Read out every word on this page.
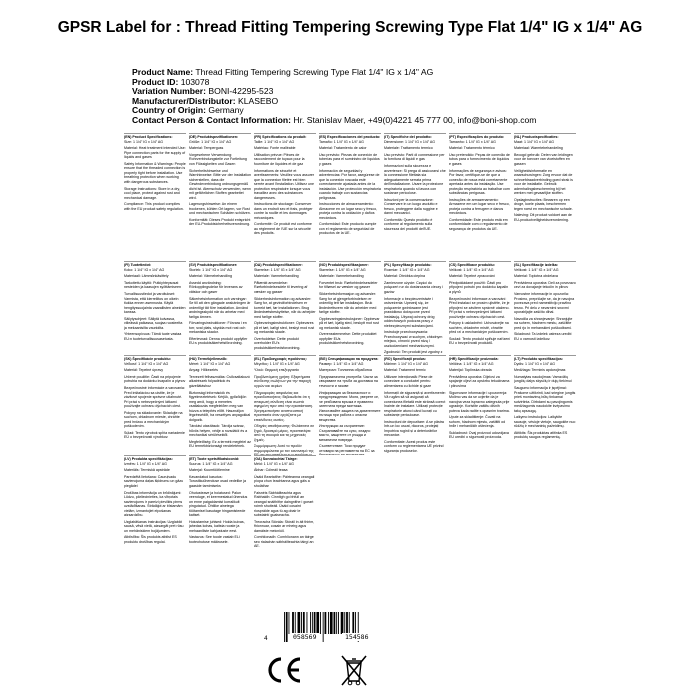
GPSR Label for : Thread Fitting Tempering Screwing Type Flat 1/4" IG x 1/4" AG
Product Name: Thread Fitting Tempering Screwing Type Flat 1/4" IG x 1/4" AG
Product ID: 103078
Variation Number: BONI-42295-523
Manufacturer/Distributor: KLASEBO
Country of Origin: Germany
Contact Person & Contact Information: Hr. Stanislav Maer, +49(0)4221 45 777 00, info@boni-shop.com
(EN) Product Specifications:

Size: 1 1/4" IG x 1/4" AG

Material: Heat treatment intended Use: Pipe connection parts for the supply of liquids and gases

Safety Information & Warnings: People ensure that the threaded connection is properly tight before installation. Use breathing protection when working with dangerous substances.

Storage Instructions: Store in a dry, cool place, protect against rust and mechanical damage.

Compliance: This product complies with the EU product safety regulation.

(DE) Produktspezifikationen:

Größe: 1 1/4" IG x 1/4" AG

Material: Temperguss

Vorgesehene Verwendung: Rohrverbindungsteile zur Fortleitung von Flüssigkeiten und Gasen

Sicherheitshinweise und Warnhinweise: Bitte vor der Installation sicherstellen, dass die Gewindeverbindung ordnungsgemäß dicht ist. Atemschutz verwenden, wenn mit gefährlichen Stoffen gearbeitet wird.

Lagerungshinweise: An einem trockenen, kühlen Ort lagern, vor Rost und mechanischen Schäden schützen.

Konformität: Dieses Produkt entspricht der EU-Produktsicherheitsverordnung.

(FR) Spécifications du produit:

Taille: 1 1/4" IG x 1/4" AG

Matériau: Fonte malléable

Utilisation prévue: Pièces de raccordement de tuyaux pour la fourniture de liquides et de gaz

Informations de sécurité et avertissements: Veuillez vous assurer que la connexion filetée est bien serrée avant l'installation. Utilisez une protection respiratoire lorsque vous travaillez avec des substances dangereuses.

Instructions de stockage: Conserver dans un endroit sec et frais, protéger contre la rouille et les dommages mécaniques.

Conformité: Ce produit est conforme au règlement de l'UE sur la sécurité des produits.

(ES) Especificaciones del producto:

Tamaño: 1 1/4" IG x 1/4" AG

Material: Tratamiento de calor

Uso previsto: Piezas de conexión de tuberías para el suministro de líquidos y gases

Información de seguridad y advertencias: Por favor, asegúrese de que la conexión roscada esté correctamente ajustada antes de la instalación. Use protección respiratoria cuando trabaje con sustancias peligrosas.

Instrucciones de almacenamiento: Almacene en un lugar seco y fresco, proteja contra la oxidación y daños mecánicos.

Conformidad: Este producto cumple con el reglamento de seguridad de productos de la UE.

(IT) Specifiche del prodotto:

Dimensione: 1 1/4" IG x 1/4" AG

Materiale: Trattamento termico

Uso previsto: Parti di connessione per la fornitura di liquidi e gas

Informazioni sulla sicurezza e avvertenze: Si prega di assicurarsi che la connessione filettata sia adeguatamente serrata prima dell'installazione. Usare la protezione respiratoria quando si lavora con sostanze pericolose.

Istruzioni per la conservazione: Conservare in un luogo asciutto e fresco, proteggere dalla ruggine e danni meccanici.

Conformità: Questo prodotto è conforme al regolamento sulla sicurezza dei prodotti dell'UE.

(PT) Especificações do produto:

Tamanho: 1 1/4" IG x 1/4" AG

Material: Tratamento térmico

Uso pretendido: Peças de conexão de tubos para o fornecimento de líquidos e gases

Informações de segurança e avisos: Por favor, certifique-se de que a conexão de rosca está corretamente apertada antes da instalação. Use proteção respiratória ao trabalhar com substâncias perigosas.

Instruções de armazenamento: Armazene em um lugar seco e fresco, proteja contra a ferrugem e danos mecânicos.

Conformidade: Este produto está em conformidade com o regulamento de segurança de produtos da UE.

(NL) Productspecificaties:

Maat: 1 1/4" IG x 1/4" AG

Materiaal: Warmtebehandeling

Beoogd gebruik: Delen van leidingen voor de toevoer van vloeistoffen en gassen

Veiligheidsinformatie en waarschuwingen: Zorg ervoor dat de schroefdraadverbinding goed strak is voor de installatie. Gebruik ademhalingsbescherming bij het werken met gevaarlijke stoffen.

Opslaginstructies: Bewaren op een droge, koele plaats, beschermen tegen roest en mechanische schade.

Naleving: Dit product voldoet aan de EU-productveiligheidsverordening.

(FI) Tuotetiedot:

Koko: 1 1/4" IG x 1/4" AG

Materiaali: Lämmönkäsittely

Tarkoitettu käyttö: Putkiyhteysosat nesteiden ja kaasujen syöttämiseen

Turvallisuustiedot ja varoitukset: Varmista, että kierreliitos on oikein tiukka ennen asennusta. Käytä hengityssuojainta vaarallisten aineiden kanssa.

Säilytysohjeet: Säilytä kuivassa, viileässä paikassa, suojaa ruosteelta ja mekaanisilta vaurioilta.

Yhteensopivuus: Tämä tuote vastaa EU:n tuoteturvallisuusasetusta.

(SV) Produktspecifikationer:

Storlek: 1 1/4" IG x 1/4" AG

Material: Värmebehandling

Avsedd användning: Rörkopplingsdelar för leverans av vätskor och gaser

Säkerhetsinformation och varningar: Se till att den gängade anslutningen är ordentligt tät före installation. Använd andningsskydd när du arbetar med farliga ämnen.

Förvaringsinstruktioner: Förvara i en torr, sval plats, skydda mot rost och mekaniska skador.

Efterlevnad: Denna produkt uppfyller EU:s produktsäkerhetsförordning.

(DA) Produktspecifikationer:

Størrelse: 1 1/4" IG x 1/4" AG

Materiale: Varmebehandling

Påtænkt anvendelse: Rørforbindelsesdele til levering af væsker og gasser

Sikkerhedsinformation og advarsler: Sørg for, at gevindforbindelsen er korrekt tæt, før installationen. Brug åndedrætsbeskyttelse, når du arbejder med farlige stoffer.

Opbevaringsinstruktioner: Opbevares på et tørt, køligt sted, beskyt mod rust og mekanisk skade.

Overholdelse: Dette produkt overholder EU's produktsikkerhedsforordning.

(NO) Produktspesifikasjoner:

Størrelse: 1 1/4" IG x 1/4" AG

Materiale: Varmebehandling

Forventet bruk: Rørforbindelsesdeler for tilførsel av væsker og gasser

Sikkerhetsinformasjon og advarsler: Sørg for at gjengeforbindelsen er ordentlig tett før installasjon. Bruk åndedrettsvern når du arbeider med farlige stoffer.

Oppbevaringsinstruksjoner: Oppbevar på et tørt, kjølig sted, beskytt mot rust og mekanisk skade.

Overensstemmelse: Dette produktet oppfyller EUs produktsikkerhetsforordning.

(PL) Specyfikacje produktu:

Rozmiar: 1 1/4" IG x 1/4" AG

Materiał: Obróbka cieplna

Zamierzone użycie: Części do połączeń rur do dostarczania cieczy i gazów

Informacje o bezpieczeństwie i ostrzeżenia: Upewnij się, że połączenie gwintowane jest prawidłowo dokręcone przed instalacją. Używaj ochrony dróg oddechowych podczas pracy z niebezpiecznymi substancjami.

Instrukcje przechowywania: Przechowywać w suchym, chłodnym miejscu, chronić przed rdzą i uszkodzeniami mechanicznymi.

Zgodność: Ten produkt jest zgodny z

(CS) Specifikace produktu:

Velikost: 1 1/4" IG x 1/4" AG

Materiál: Tepelné zpracování

Předpokládané použití: Části pro připojení potrubí pro dodávku kapalin a plynů

Bezpečnostní informace a varování: Před instalací se prosím ujistěte, že je připojení se závitem správně utaženo. Při práci s nebezpečnými látkami používejte ochranu dýchacích cest.

Pokyny k uskladnění: Uchovávejte na suchém, chladném místě, chraňte před rzí a mechanickým poškozením.

Soulad: Tento produkt splňuje nařízení EU o bezpečnosti produktů.

(SL) Specifikacije izdelka:

Velikost: 1 1/4" IG x 1/4" AG

Material: Toplotna obdelava

Predvidena uporaba: Deli za povezavo cevi za dovajanje tekočin in plinov

Varnostne informacije in opozorila: Prosimo, prepričajte se, da je navojna povezava pred namestitvijo pravilno tesno. Pri delu z nevarnimi snovmi uporabljajte zaščito dihal.

Navodila za shranjevanje: Shranjujte na suhem, hladnem mestu, zaščitite pred rjo in mehanskimi poškodbami.

Skladnost: Ta izdelek ustreza uredbi EU o varnosti izdelkov.

(SK) Špecifikácie produktu:

Veľkosť: 1 1/4" IG x 1/4" AG

Materiál: Tepelné úpravy

Určené použitie: Časti na pripojenie potrubia na dodávku kvapalín a plynov

Bezpečnostné informácie a varovania: Pred inštaláciou sa uistite, že je závitové spojenie správne utiahnuté. Pri práci s nebezpečnými látkami používajte ochranu dýchacích ciest.

Pokyny na skladovanie: Skladujte na suchom, chladnom mieste, chráňte pred hrdzou a mechanickým poškodením.

Súlad: Tento výrobok spĺňa nariadenie EÚ o bezpečnosti výrobkov.

(HU) Termékjellemzők:

Méret: 1 1/4" IG x 1/4" AG

Anyag: Hőkezelés

Tervezett felhasználás: Csőcsatlakozó alkatrészek folyadékok és gázellátáshoz

Biztonsági információk és figyelmeztetések: Kérjük, győződjön meg arról, hogy a menetes csatlakozás megfelelően meg van húzva a telepítés előtt. Használjon légzésvédőt, ha veszélyes anyagokkal dolgozik.

Tárolási utasítások: Tárolja száraz, hűvös helyen, védje a rozsdától és a mechanikai sérülésektől.

Megfelelőség: Ez a termék megfelel az EU termékbiztonsági rendeletének.

(EL) Προδιαγραφές προϊόντος:

Μέγεθος: 1 1/4" IG x 1/4" AG

Υλικό: Θερμική επεξεργασία

Προβλεπόμενη χρήση: Εξαρτήματα σύνδεσης σωλήνων για την παροχή υγρών και αερίων

Πληροφορίες ασφαλείας και προειδοποιήσεις: Βεβαιωθείτε ότι η σπειρωτή σύνδεση είναι σωστά σφιγμένη πριν από την εγκατάσταση. Χρησιμοποιήστε αναπνευστική προστασία όταν εργάζεστε με επικίνδυνες ουσίες.

Οδηγίες αποθήκευσης: Φυλάσσετε σε ξηρό, δροσερό μέρος, προστατέψτε από τη σκουριά και τις μηχανικές ζημιές.

Συμμόρφωση: Αυτό το προϊόν συμμορφώνεται με τον κανονισμό της

(BG) Спецификации на продукта:

Размер: 1 1/4" IG x 1/4" AG

Материал: Топлинна обработка

Предназначена употреба: Части за свързване на тръби за доставка на течности и газове

Информация за безопасност и предупреждения: Моля, уверете се, че резбовата връзка е правилно затегната преди монтажа. Използвайте защита на дихателните пътища при работа с опасни вещества.

Инструкции за съхранение: Съхранявайте на сухо, хладно място, защитете от ръжда и механични повреди.

Съответствие: Този продукт отговаря на регламента на ЕС за

(RO) Specificații produs:

Mărime: 1 1/4" IG x 1/4" AG

Material: Tratament termic

Utilizare intenționată: Piese de conectare a conductei pentru alimentarea cu lichide și gaze

Informații de siguranță și avertismente: Vă rugăm să vă asigurați că conexiunea filetată este strânsă corect înainte de instalare. Utilizați protecție respiratorie atunci când lucrați cu substanțe periculoase.

Instrucțiuni de depozitare: A se păstra într-un loc uscat, răcoros, protejați împotriva ruginii și a deteriorărilor mecanice.

Conformitate: Acest produs este conform cu reglementarea UE privind siguranța produselor.

(HR) Specifikacije proizvoda:

Veličina: 1 1/4" IG x 1/4" AG

Materijal: Toplinska obrada

Predviđena uporaba: Dijelovi za spajanje cijevi za opskrbu tekućinama i plinovima

Sigurnosne informacije i upozorenja: Molimo vas da se uvjerite da je navojna veza ispravno zategnuta prije ugradnje. Koristite zaštitu dišnih puteva kada radite s opasnim tvarima.

Upute za skladištenje: Čuvati na suhom, hladnom mjestu, zaštititi od hrđe i mehaničkih oštećenja.

Sukladnost: Ovaj proizvod udovoljava EU uredbi o sigurnosti proizvoda.

(LT) Produkto specifikacijos:

Dydis: 1 1/4" IG x 1/4" AG

Medžiaga: Terminis apdorojimas

Numatytas naudojimas: Vamzdžių jungčių dalys skysčių ir dujų tiekimui

Saugumo informacija ir įspėjimai: Prašome užtikrinti, kad sriegine jungtis prieš montavimą būtų tinkamai sutvirtinta. Dirbdami su pavojingomis medžiagomis naudokite kvėpavimo takų apsaugą.

Laikymo instrukcijos: Laikykite sausoje, vėsioje vietoje, saugokite nuo rūdžių ir mechaninių pažeidimų.

Atitiktis: Šis produktas atitinka ES produktų saugos reglamentą.

(LV) Produkta specifikācijas:

Izmērs: 1 1/4" IG x 1/4" AG

Materiāls: Termiskā apstrāde

Paredzētā lietošana: Cauruļvadu savienojuma daļas šķidrumu un gāzu piegādei

Drošības informācija un brīdinājumi: Lūdzu, pārliecinieties, ka vītņotais savienojums ir pareizi pievilkts pirms uzstādīšanas. Strādājot ar bīstamām vielām, izmantojiet elpošanas aizsardzību.

Uzglabāšanas instrukcijas: Uzglabāt sausā, vēsā vietā, aizsargāt pret rūsu un mehāniskiem bojājumiem.

Atbilstība: Šis produkts atbilst ES produktu drošības regulai.

(ET) Toote spetsifikatsioonid:

Suurus: 1 1/4" IG x 1/4" AG

Materjal: Kuumtöötlemine

Kavandatud kasutus: Torustikuühenduse osad vedelike ja gaaside tarnimiseks

Ohutusteave ja hoiatused: Palun veenduge, et keermestatud ühendus on enne paigaldamist korralikult pingutatud. Ohtlike ainetega töötamisel kasutage hingamisteede kaitset.

Hoiustamise juhised: Hoida kuivas, jahedas kohas, kaitsta rooste ja mehaaniliste kahjustuste eest.

Vastavus: See toode vastab ELi tooteohutuse määrusele.

(GA) Sonraíochtaí Táirge:

Méid: 1 1/4" IG x 1/4" AG

Ábhar: Cóireáil teasa

Úsáid Beartaithe: Páirteanna ceangail píopa chun leachtanna agus gáis a sholáthar

Faisnéis Sábháilteachta agus Rabhaidh: Cinntigh go bhfuil an ceangal snáithithe daingnithe i gceart roimh shuiteáil. Úsáid cosaint riospráide agus tú ag obair le substaintí guaiseacha.

Treoracha Stórála: Stóráil in áit thirim, fhionnuar, cosain ar mheirg agus damáiste meicniúil.

Comhlíonadh: Comhlíonann an táirge seo rialachán sábháilteachta táirgí an AE.

4	058569	154586
